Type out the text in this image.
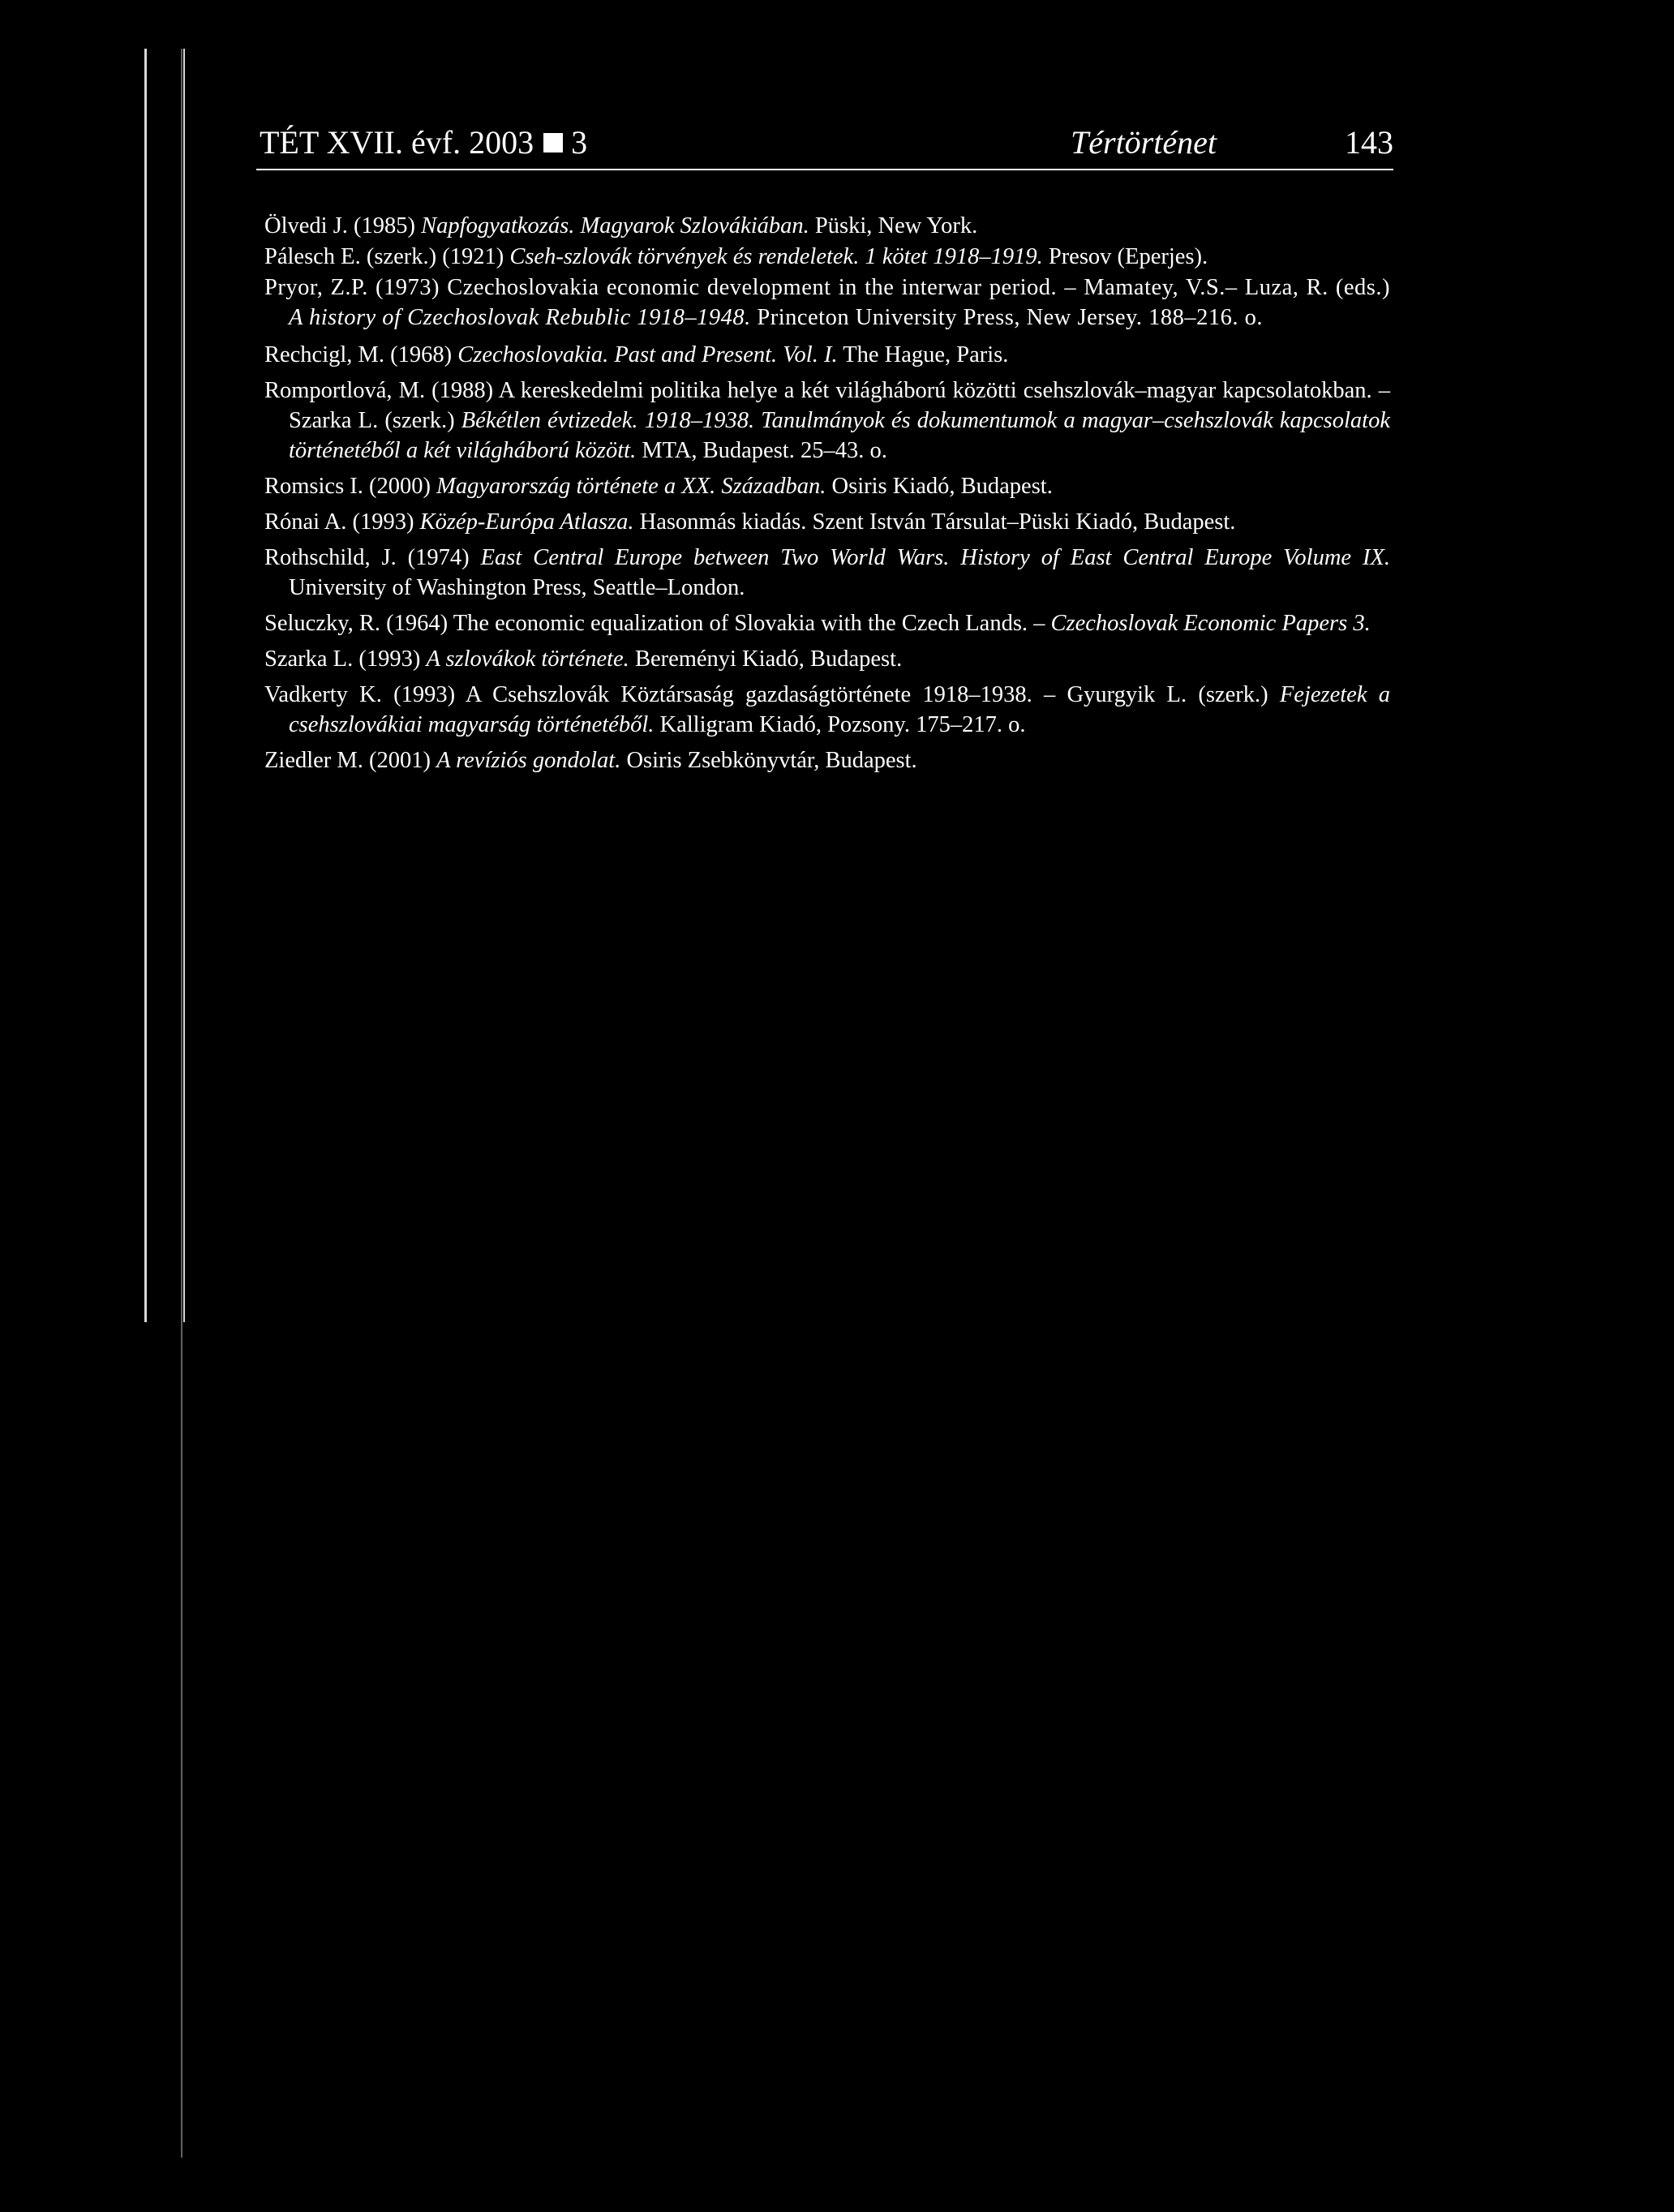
TÉT XVII. évf. 2003 3	Tértörténet	143

Ölvedi J. (1985) Napfogyatkozás. Magyarok Szlovákiában. Püski, New York.

Pálesch E. (szerk.) (1921) Cseh-szlovák törvények és rendeletek. 1 kötet 1918–1919. Presov (Eperjes).

Pryor, Z.P. (1973) Czechoslovakia economic development in the interwar period. – Mamatey, V.S.– Luza, R. (eds.) A history of Czechoslovak Rebublic 1918–1948. Princeton University Press, New Jersey. 188–216. o.

Rechcigl, M. (1968) Czechoslovakia. Past and Present. Vol. I. The Hague, Paris.

Romportlová, M. (1988) A kereskedelmi politika helye a két világháború közötti csehszlovák–magyar kapcsolatokban. – Szarka L. (szerk.) Békétlen évtizedek. 1918–1938. Tanulmányok és dokumentumok a magyar–csehszlovák kapcsolatok történetéből a két világháború között. MTA, Budapest. 25–43. o.

Romsics I. (2000) Magyarország története a XX. Században. Osiris Kiadó, Budapest.

Rónai A. (1993) Közép-Európa Atlasza. Hasonmás kiadás. Szent István Társulat–Püski Kiadó, Budapest.

Rothschild, J. (1974) East Central Europe between Two World Wars. History of East Central Europe Volume IX. University of Washington Press, Seattle–London.

Seluczky, R. (1964) The economic equalization of Slovakia with the Czech Lands. – Czechoslovak Economic Papers 3.

Szarka L. (1993) A szlovákok története. Bereményi Kiadó, Budapest.

Vadkerty K. (1993) A Csehszlovák Köztársaság gazdaságtörténete 1918–1938. – Gyurgyik L. (szerk.) Fejezetek a csehszlovákiai magyarság történetéből. Kalligram Kiadó, Pozsony. 175–217. o.

Ziedler M. (2001) A revíziós gondolat. Osiris Zsebkönyvtár, Budapest.
